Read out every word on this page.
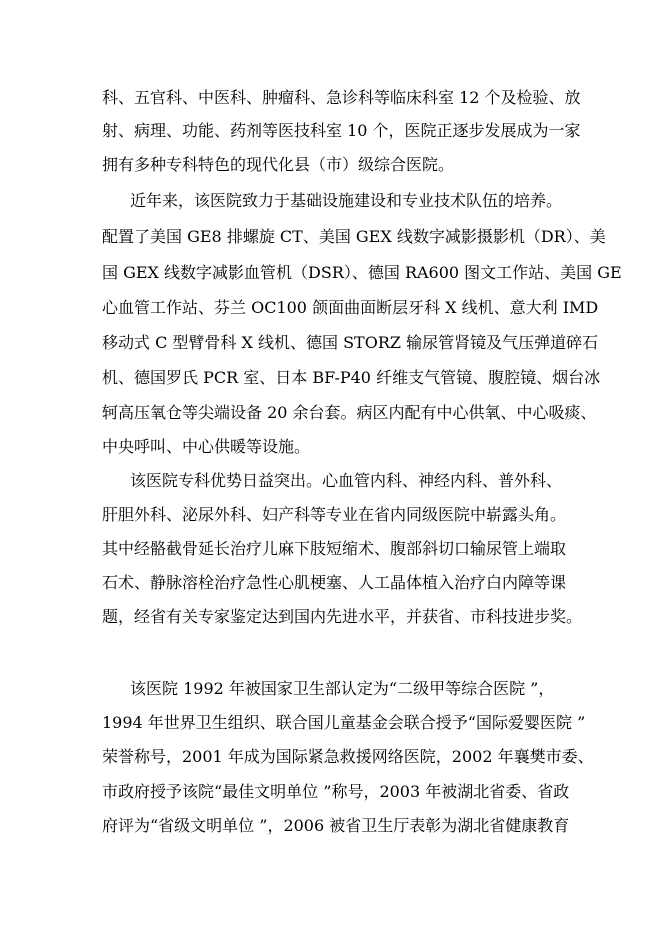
科、五官科、中医科、肿瘤科、急诊科等临床科室 12 个及检验、放
射、病理、功能、药剂等医技科室 10 个，医院正逐步发展成为一家
拥有多种专科特色的现代化县（市）级综合医院。
近年来，该医院致力于基础设施建设和专业技术队伍的培养。
配置了美国 GE8 排螺旋 CT、美国 GEX 线数字减影摄影机（DR）、美
国 GEX 线数字减影血管机（DSR）、德国 RA600 图文工作站、美国 GE
心血管工作站、芬兰 OC100 颌面曲面断层牙科 X 线机、意大利 IMD
移动式 C 型臂骨科 X 线机、德国 STORZ 输尿管肾镜及气压弹道碎石
机、德国罗氏 PCR 室、日本 BF-P40 纤维支气管镜、腹腔镜、烟台冰
轲高压氧仓等尖端设备 20 余台套。病区内配有中心供氧、中心吸痰、
中央呼叫、中心供暖等设施。
该医院专科优势日益突出。心血管内科、神经内科、普外科、
肝胆外科、泌尿外科、妇产科等专业在省内同级医院中崭露头角。
其中经骼截骨延长治疗儿麻下肢短缩术、腹部斜切口输尿管上端取
石术、静脉溶栓治疗急性心肌梗塞、人工晶体植入治疗白内障等课
题，经省有关专家鉴定达到国内先进水平，并获省、市科技进步奖。
该医院 1992 年被国家卫生部认定为“二级甲等综合医院 ”，
1994 年世界卫生组织、联合国儿童基金会联合授予“国际爱婴医院 ”
荣誉称号，2001 年成为国际紧急救援网络医院，2002 年襄樊市委、
市政府授予该院“最佳文明单位 ”称号，2003 年被湖北省委、省政
府评为“省级文明单位 ”，2006 被省卫生厅表彰为湖北省健康教育
